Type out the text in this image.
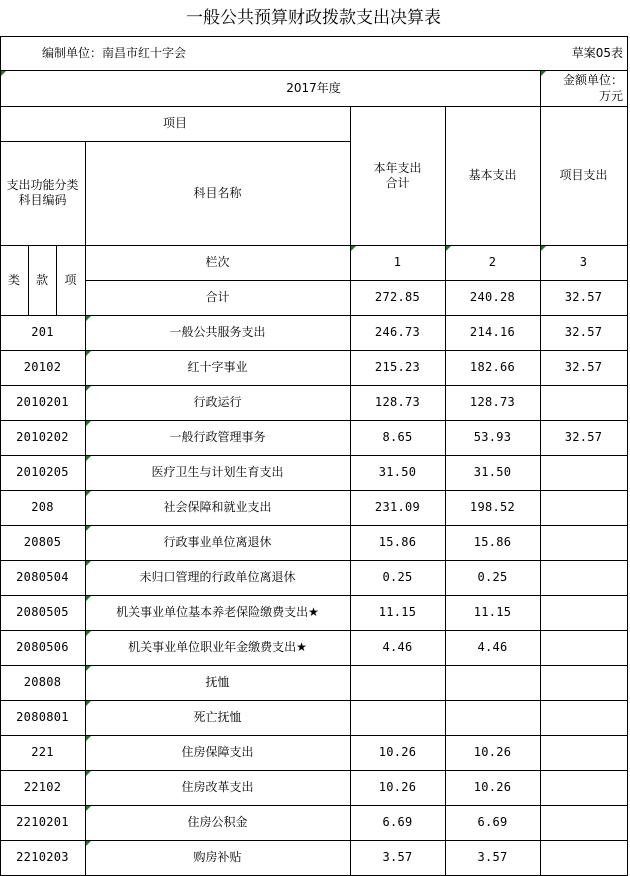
一般公共预算财政拨款支出决算表
编制单位：南昌市红十字会	草案05表
2017年度
金额单位：
万元
项目
支出功能分类科目编码
科目名称
本年支出合计
基本支出	项目支出
类	款	项
栏次	1	2	3
合计	272.85	240.28	32.57
201	一般公共服务支出	246.73	214.16	32.57
20102	红十字事业	215.23	182.66	32.57
2010201	行政运行	128.73	128.73
2010202	一般行政管理事务	8.65	53.93	32.57
2010205	医疗卫生与计划生育支出	31.50	31.50
208	社会保障和就业支出	231.09	198.52
20805	行政事业单位离退休	15.86	15.86
2080504	未归口管理的行政单位离退休	0.25	0.25
2080505	机关事业单位基本养老保险缴费支出★	11.15	11.15
2080506	机关事业单位职业年金缴费支出★	4.46	4.46
20808	抚恤
2080801	死亡抚恤
221	住房保障支出	10.26	10.26
22102	住房改革支出	10.26	10.26
2210201	住房公积金	6.69	6.69
2210203	购房补贴	3.57	3.57
